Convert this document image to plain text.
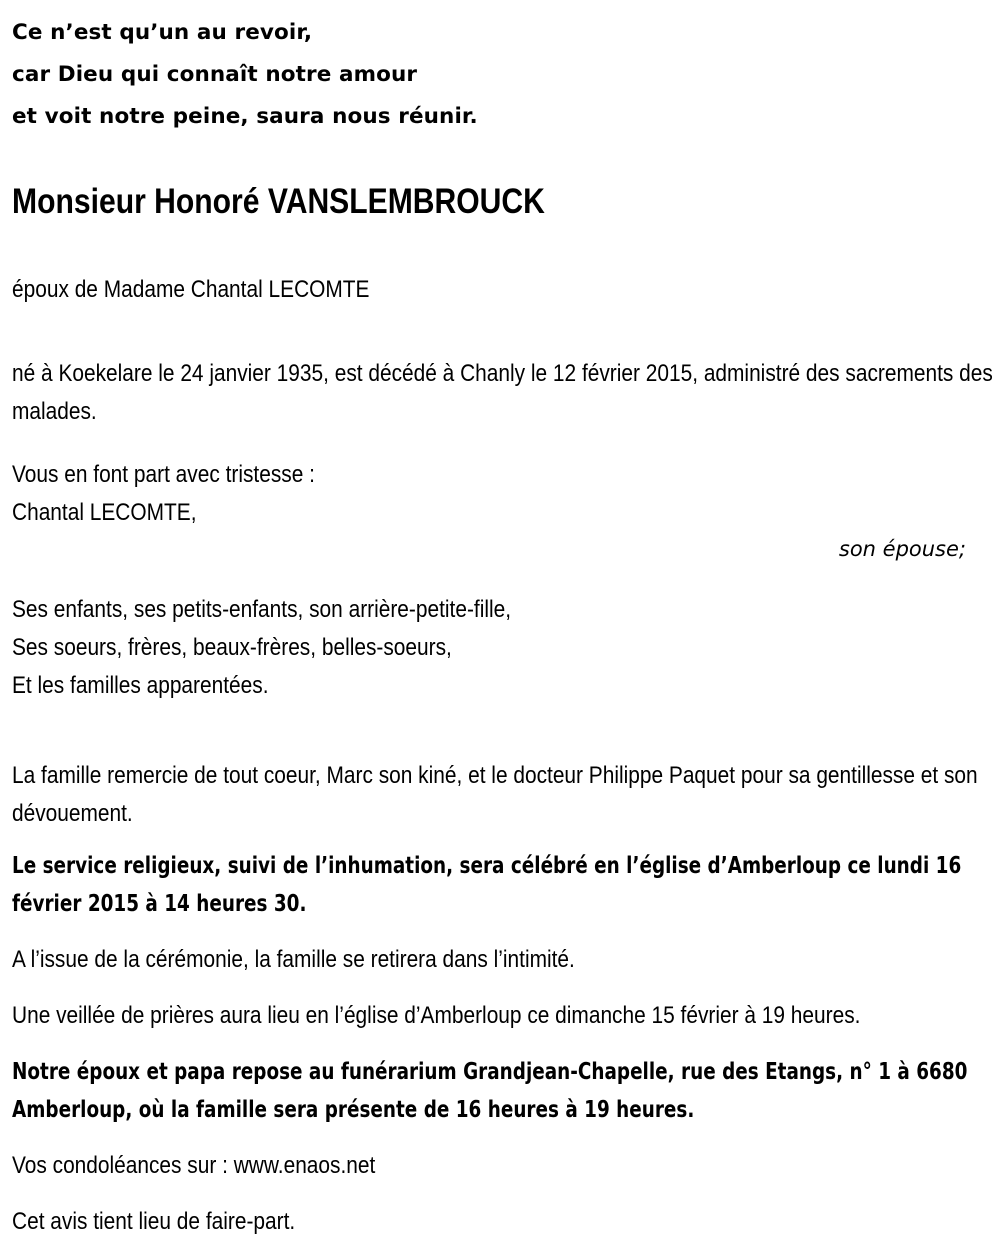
Ce n’est qu’un au revoir,
car Dieu qui connaît notre amour
et voit notre peine, saura nous réunir.
Monsieur Honoré VANSLEMBROUCK

époux de Madame Chantal LECOMTE

né à Koekelare le 24 janvier 1935, est décédé à Chanly le 12 février 2015, administré des sacrements des malades.

Vous en font part avec tristesse :

Chantal LECOMTE,

son épouse;

Ses enfants, ses petits-enfants, son arrière-petite-fille,

Ses soeurs, frères, beaux-frères, belles-soeurs,

Et les familles apparentées.

La famille remercie de tout coeur, Marc son kiné, et le docteur Philippe Paquet pour sa gentillesse et son dévouement.

Le service religieux, suivi de l’inhumation, sera célébré en l’église d’Amberloup ce lundi 16 février 2015 à 14 heures 30.

A l’issue de la cérémonie, la famille se retirera dans l’intimité.

Une veillée de prières aura lieu en l’église d’Amberloup ce dimanche 15 février à 19 heures.

Notre époux et papa repose au funérarium Grandjean-Chapelle, rue des Etangs, n° 1 à 6680 Amberloup, où la famille sera présente de 16 heures à 19 heures.

Vos condoléances sur : www.enaos.net

Cet avis tient lieu de faire-part.
